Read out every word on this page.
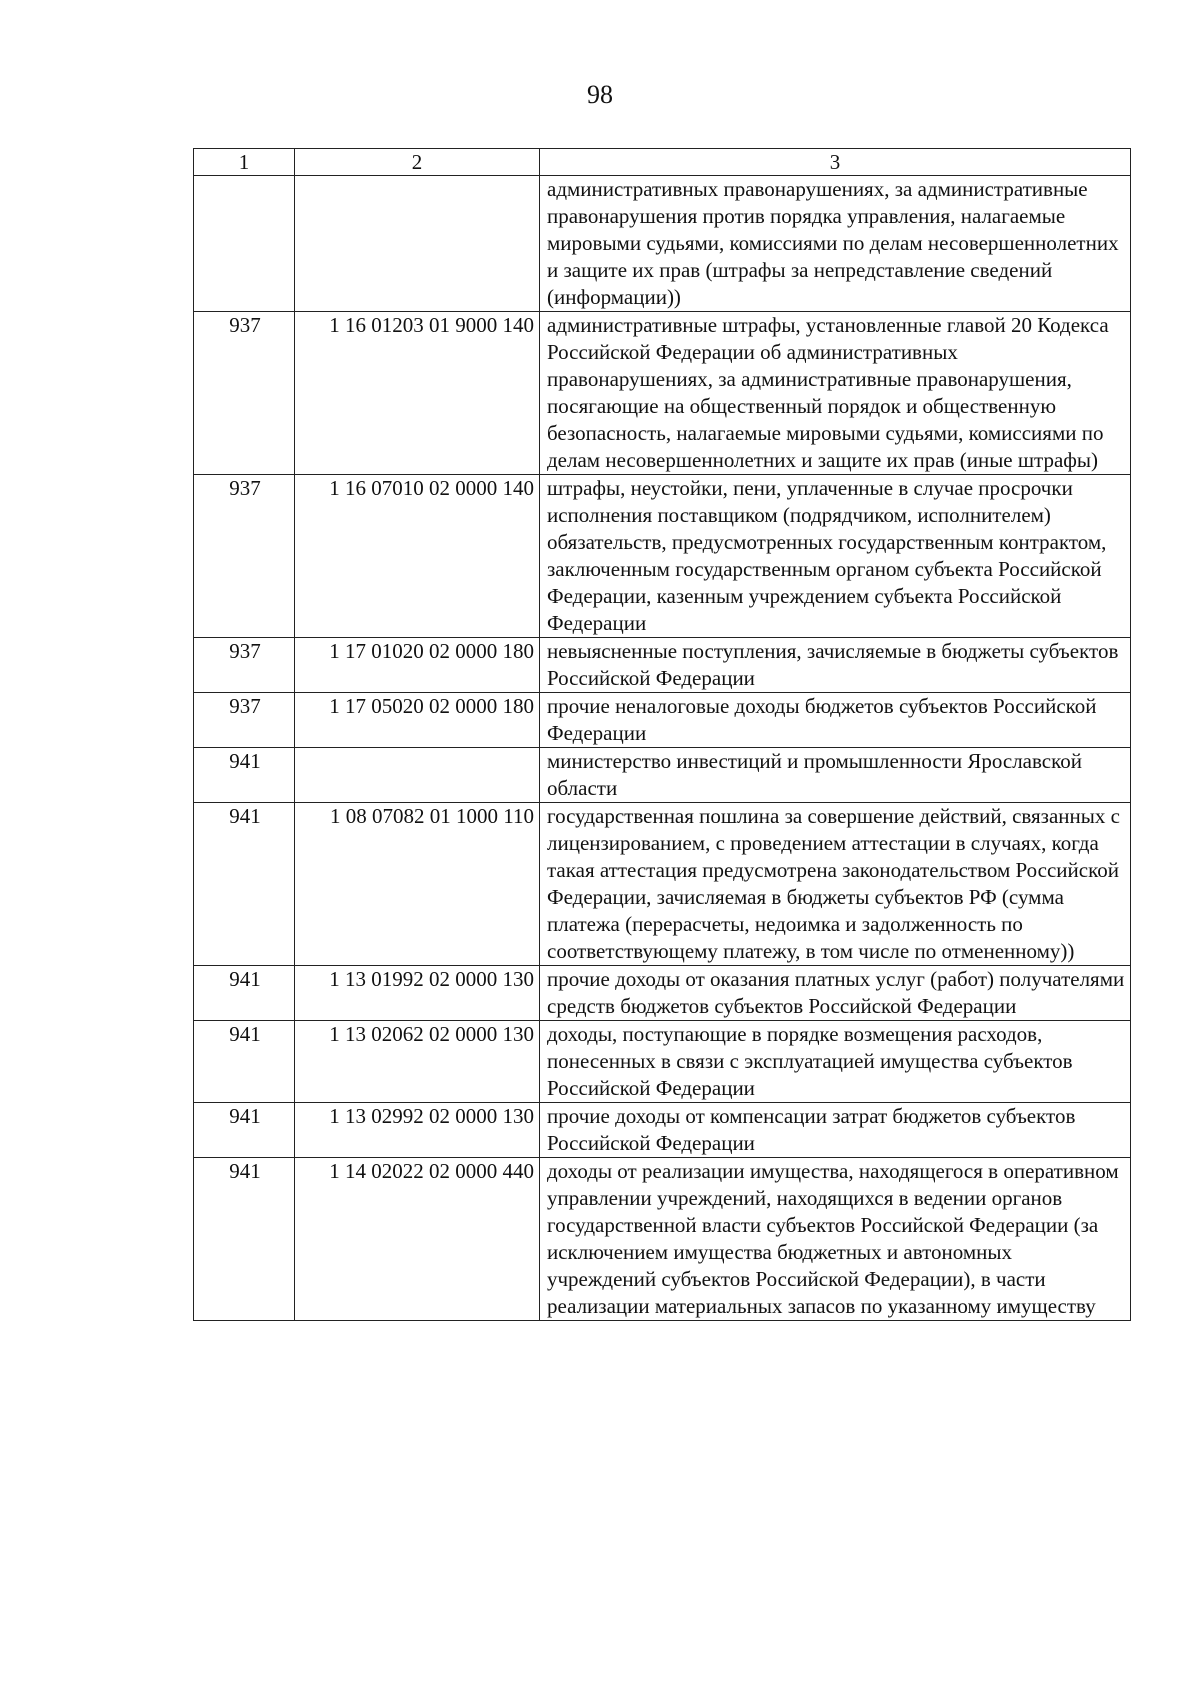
98
1	2	3
		административных правонарушениях, за административные правонарушения против порядка управления, налагаемые мировыми судьями, комиссиями по делам несовершеннолетних и защите их прав (штрафы за непредставление сведений (информации))
937	1 16 01203 01 9000 140	административные штрафы, установленные главой 20 Кодекса Российской Федерации об административных правонарушениях, за административные правонарушения, посягающие на общественный порядок и общественную безопасность, налагаемые мировыми судьями, комиссиями по делам несовершеннолетних и защите их прав (иные штрафы)
937	1 16 07010 02 0000 140	штрафы, неустойки, пени, уплаченные в случае просрочки исполнения поставщиком (подрядчиком, исполнителем) обязательств, предусмотренных государственным контрактом, заключенным государственным органом субъекта Российской Федерации, казенным учреждением субъекта Российской Федерации
937	1 17 01020 02 0000 180	невыясненные поступления, зачисляемые в бюджеты субъектов Российской Федерации
937	1 17 05020 02 0000 180	прочие неналоговые доходы бюджетов субъектов Российской Федерации
941		министерство инвестиций и промышленности Ярославской области
941	1 08 07082 01 1000 110	государственная пошлина за совершение действий, связанных с лицензированием, с проведением аттестации в случаях, когда такая аттестация предусмотрена законодательством Российской Федерации, зачисляемая в бюджеты субъектов РФ (сумма платежа (перерасчеты, недоимка и задолженность по соответствующему платежу, в том числе по отмененному))
941	1 13 01992 02 0000 130	прочие доходы от оказания платных услуг (работ) получателями средств бюджетов субъектов Российской Федерации
941	1 13 02062 02 0000 130	доходы, поступающие в порядке возмещения расходов, понесенных в связи с эксплуатацией имущества субъектов Российской Федерации
941	1 13 02992 02 0000 130	прочие доходы от компенсации затрат бюджетов субъектов Российской Федерации
941	1 14 02022 02 0000 440	доходы от реализации имущества, находящегося в оперативном управлении учреждений, находящихся в ведении органов государственной власти субъектов Российской Федерации (за исключением имущества бюджетных и автономных учреждений субъектов Российской Федерации), в части реализации материальных запасов по указанному имуществу
